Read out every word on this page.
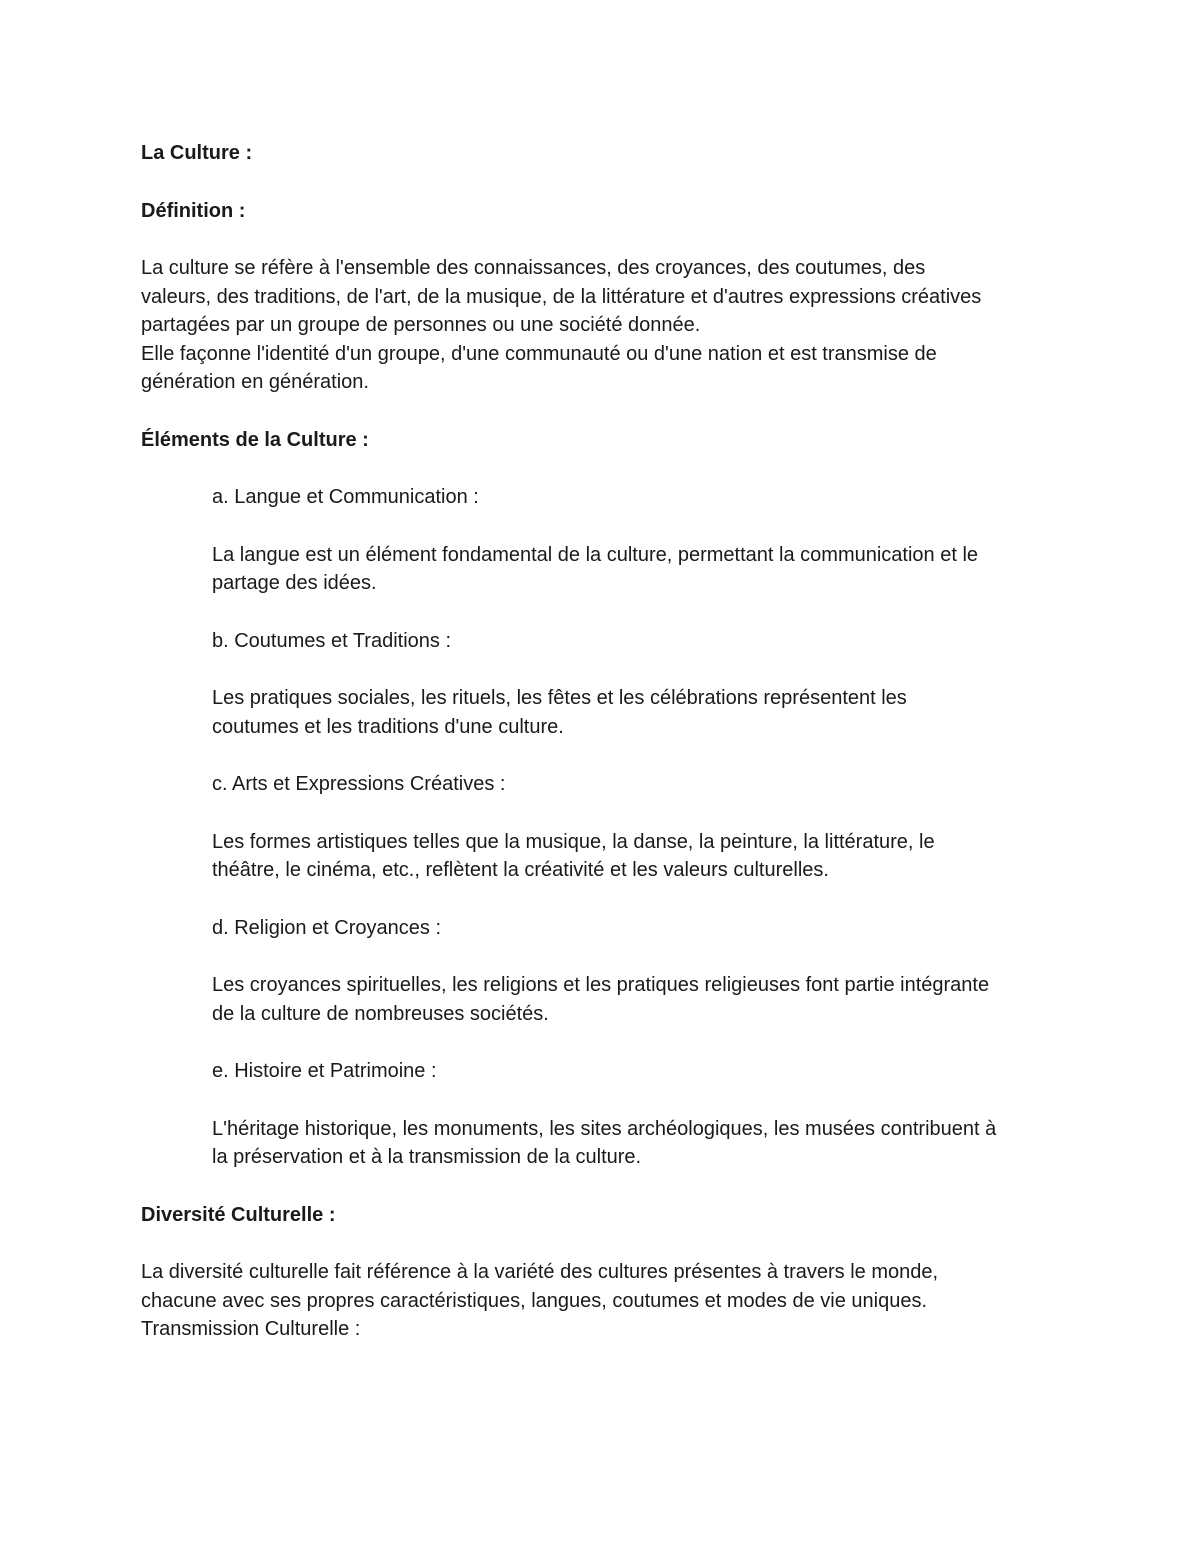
La Culture :

Définition :

La culture se réfère à l'ensemble des connaissances, des croyances, des coutumes, des
valeurs, des traditions, de l'art, de la musique, de la littérature et d'autres expressions créatives
partagées par un groupe de personnes ou une société donnée.
Elle façonne l'identité d'un groupe, d'une communauté ou d'une nation et est transmise de
génération en génération.

Éléments de la Culture :

a. Langue et Communication :
La langue est un élément fondamental de la culture, permettant la communication et le
partage des idées.
b. Coutumes et Traditions :
Les pratiques sociales, les rituels, les fêtes et les célébrations représentent les
coutumes et les traditions d'une culture.
c. Arts et Expressions Créatives :
Les formes artistiques telles que la musique, la danse, la peinture, la littérature, le
théâtre, le cinéma, etc., reflètent la créativité et les valeurs culturelles.
d. Religion et Croyances :
Les croyances spirituelles, les religions et les pratiques religieuses font partie intégrante
de la culture de nombreuses sociétés.
e. Histoire et Patrimoine :
L'héritage historique, les monuments, les sites archéologiques, les musées contribuent à
la préservation et à la transmission de la culture.

Diversité Culturelle :

La diversité culturelle fait référence à la variété des cultures présentes à travers le monde,
chacune avec ses propres caractéristiques, langues, coutumes et modes de vie uniques.
Transmission Culturelle :
